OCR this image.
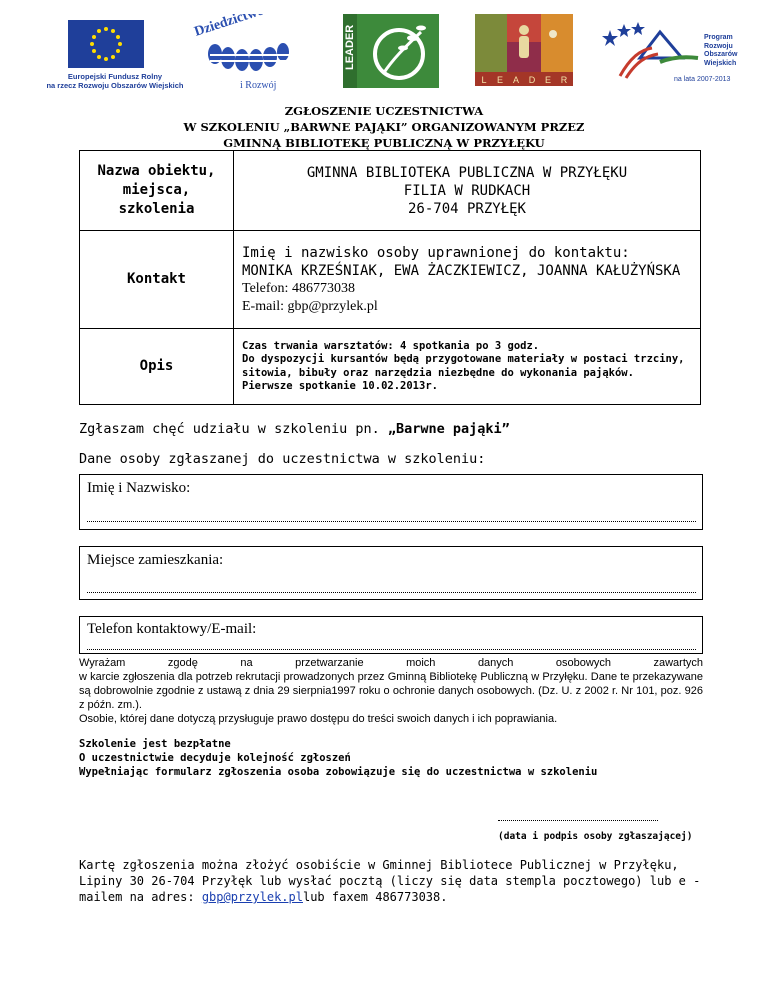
Europejski Fundusz Rolny
na rzecz Rozwoju Obszarów Wiejskich
Dziedzictwo
i Rozwój
LEADER
L E A D E R
Program
Rozwoju
Obszarów
Wiejskich
na lata 2007-2013
ZGŁOSZENIE UCZESTNICTWA
W SZKOLENIU „BARWNE PAJĄKI” ORGANIZOWANYM PRZEZ
GMINNĄ BIBLIOTEKĘ PUBLICZNĄ W PRZYŁĘKU
Nazwa obiektu, miejsca, szkolenia	GMINNA BIBLIOTEKA PUBLICZNA W PRZYŁĘKU
FILIA W RUDKACH
26-704 PRZYŁĘK

Kontakt	Imię i nazwisko osoby uprawnionej do kontaktu:
MONIKA KRZEŚNIAK, EWA ŻACZKIEWICZ, JOANNA KAŁUŻYŃSKA
Telefon: 486773038
E-mail: gbp@przylek.pl

Opis	Czas trwania warsztatów: 4 spotkania po 3 godz.
Do dyspozycji kursantów będą przygotowane materiały w postaci trzciny, sitowia, bibuły oraz narzędzia niezbędne do wykonania pająków.
Pierwsze spotkanie 10.02.2013r.
Zgłaszam chęć udziału w szkoleniu pn. „Barwne pająki”
Dane osoby zgłaszanej do uczestnictwa w szkoleniu:
Imię i Nazwisko:
Miejsce zamieszkania:
Telefon kontaktowy/E-mail:
Wyrażam zgodę na przetwarzanie moich danych osobowych zawartych
w karcie zgłoszenia dla potrzeb rekrutacji prowadzonych przez Gminną Bibliotekę Publiczną w Przyłęku. Dane te przekazywane są dobrowolnie zgodnie z ustawą z dnia 29 sierpnia1997 roku o ochronie danych osobowych. (Dz. U. z 2002 r. Nr 101, poz. 926 z późn. zm.).
Osobie, której dane dotyczą przysługuje prawo dostępu do treści swoich danych i ich poprawiania.
Szkolenie jest bezpłatne
O uczestnictwie decyduje kolejność zgłoszeń
Wypełniając formularz zgłoszenia osoba zobowiązuje się do uczestnictwa w szkoleniu
(data i podpis osoby zgłaszającej)
Kartę zgłoszenia można złożyć osobiście w Gminnej Bibliotece Publicznej w Przyłęku, Lipiny 30 26-704 Przyłęk lub wysłać pocztą (liczy się data stempla pocztowego) lub e - mailem na adres: gbp@przylek.pllub faxem 486773038.
